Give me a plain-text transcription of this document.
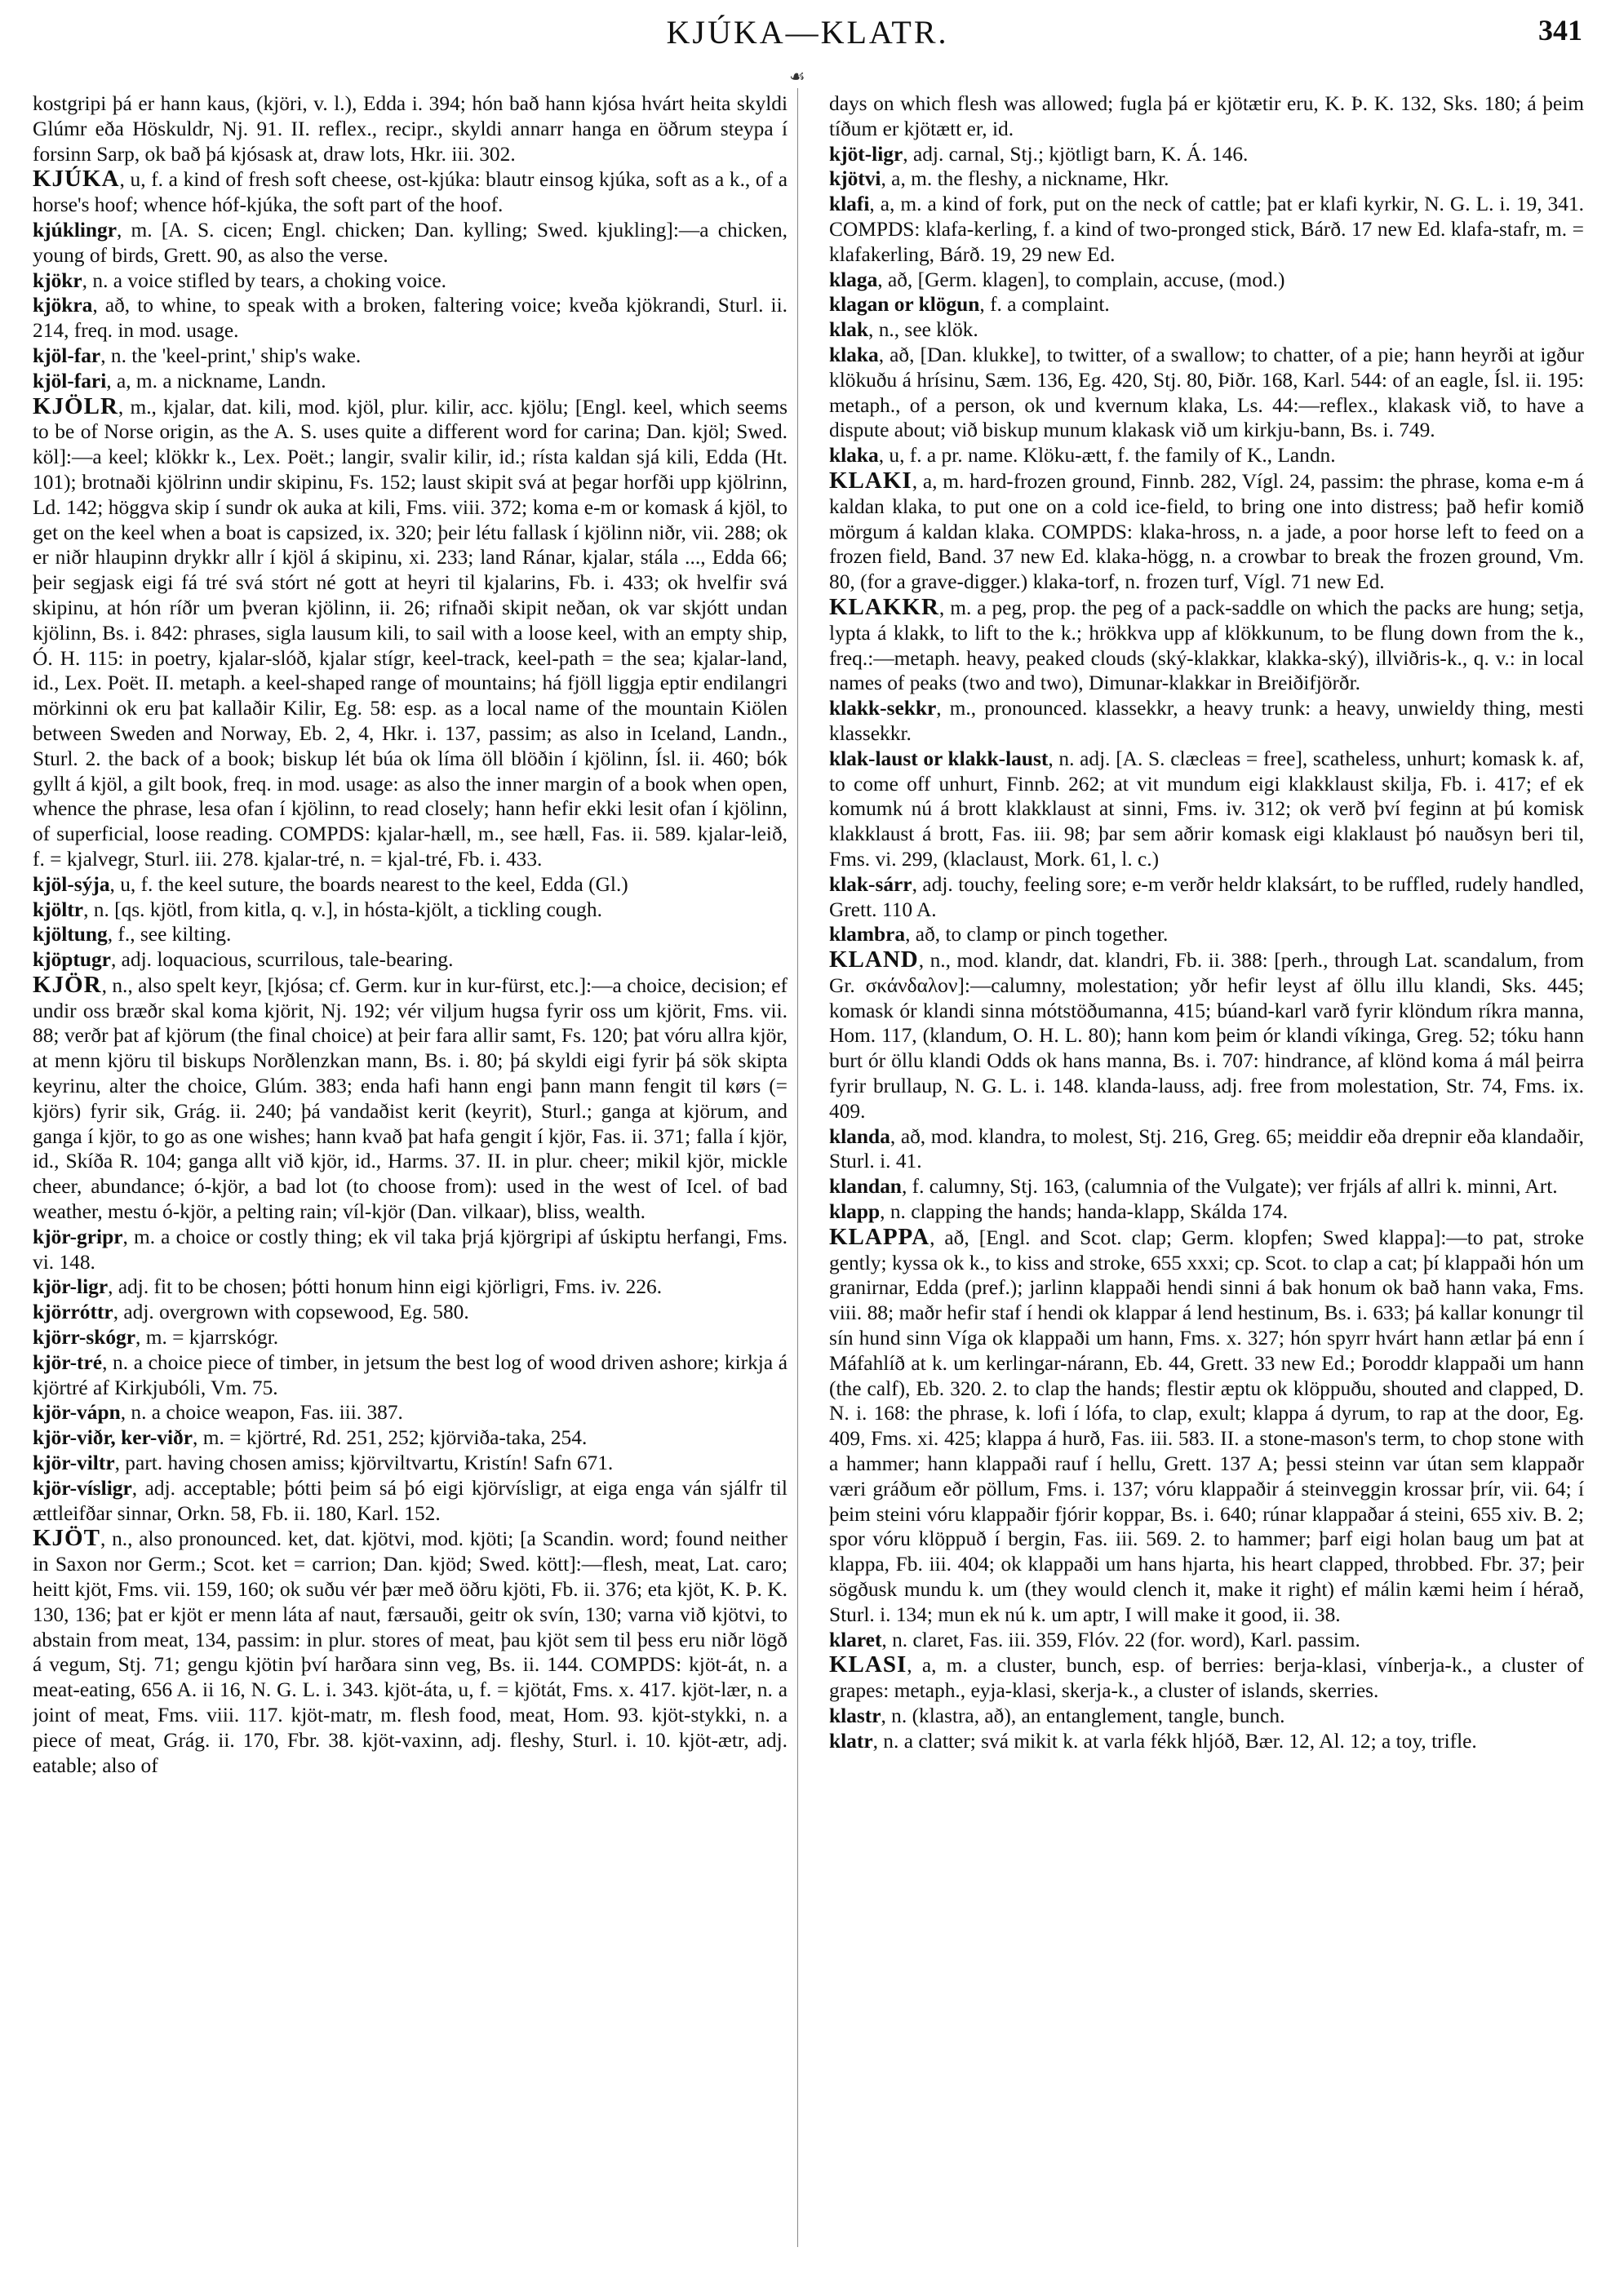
KJÚKA—KLATR.	341
☙

kostgripi þá er hann kaus, (kjöri, v. l.), Edda i. 394; hón bað hann kjósa hvárt heita skyldi Glúmr eða Höskuldr, Nj. 91. II. reflex., recipr., skyldi annarr hanga en öðrum steypa í forsinn Sarp, ok bað þá kjósask at, draw lots, Hkr. iii. 302.

KJÚKA, u, f. a kind of fresh soft cheese, ost-kjúka: blautr einsog kjúka, soft as a k., of a horse's hoof; whence hóf-kjúka, the soft part of the hoof.

kjúklingr, m. [A. S. cicen; Engl. chicken; Dan. kylling; Swed. kjukling]:—a chicken, young of birds, Grett. 90, as also the verse.

kjökr, n. a voice stifled by tears, a choking voice.

kjökra, að, to whine, to speak with a broken, faltering voice; kveða kjökrandi, Sturl. ii. 214, freq. in mod. usage.

kjöl-far, n. the 'keel-print,' ship's wake.

kjöl-fari, a, m. a nickname, Landn.

KJÖLR, m., kjalar, dat. kili, mod. kjöl, plur. kilir, acc. kjölu; [Engl. keel, which seems to be of Norse origin, as the A. S. uses quite a different word for carina; Dan. kjöl; Swed. köl]:—a keel; klökkr k., Lex. Poët.; langir, svalir kilir, id.; rísta kaldan sjá kili, Edda (Ht. 101); brotnaði kjölrinn undir skipinu, Fs. 152; laust skipit svá at þegar horfði upp kjölrinn, Ld. 142; höggva skip í sundr ok auka at kili, Fms. viii. 372; koma e-m or komask á kjöl, to get on the keel when a boat is capsized, ix. 320; þeir létu fallask í kjölinn niðr, vii. 288; ok er niðr hlaupinn drykkr allr í kjöl á skipinu, xi. 233; land Ránar, kjalar, stála ..., Edda 66; þeir segjask eigi fá tré svá stórt né gott at heyri til kjalarins, Fb. i. 433; ok hvelfir svá skipinu, at hón ríðr um þveran kjölinn, ii. 26; rifnaði skipit neðan, ok var skjótt undan kjölinn, Bs. i. 842: phrases, sigla lausum kili, to sail with a loose keel, with an empty ship, Ó. H. 115: in poetry, kjalar-slóð, kjalar stígr, keel-track, keel-path = the sea; kjalar-land, id., Lex. Poët. II. metaph. a keel-shaped range of mountains; há fjöll liggja eptir endilangri mörkinni ok eru þat kallaðir Kilir, Eg. 58: esp. as a local name of the mountain Kiölen between Sweden and Norway, Eb. 2, 4, Hkr. i. 137, passim; as also in Iceland, Landn., Sturl. 2. the back of a book; biskup lét búa ok líma öll blöðin í kjölinn, Ísl. ii. 460; bók gyllt á kjöl, a gilt book, freq. in mod. usage: as also the inner margin of a book when open, whence the phrase, lesa ofan í kjölinn, to read closely; hann hefir ekki lesit ofan í kjölinn, of superficial, loose reading. COMPDS: kjalar-hæll, m., see hæll, Fas. ii. 589. kjalar-leið, f. = kjalvegr, Sturl. iii. 278. kjalar-tré, n. = kjal-tré, Fb. i. 433.

kjöl-sýja, u, f. the keel suture, the boards nearest to the keel, Edda (Gl.)

kjöltr, n. [qs. kjötl, from kitla, q. v.], in hósta-kjölt, a tickling cough.

kjöltung, f., see kilting.

kjöptugr, adj. loquacious, scurrilous, tale-bearing.

KJÖR, n., also spelt keyr, [kjósa; cf. Germ. kur in kur-fürst, etc.]:—a choice, decision; ef undir oss bræðr skal koma kjörit, Nj. 192; vér viljum hugsa fyrir oss um kjörit, Fms. vii. 88; verðr þat af kjörum (the final choice) at þeir fara allir samt, Fs. 120; þat vóru allra kjör, at menn kjöru til biskups Norðlenzkan mann, Bs. i. 80; þá skyldi eigi fyrir þá sök skipta keyrinu, alter the choice, Glúm. 383; enda hafi hann engi þann mann fengit til kørs (= kjörs) fyrir sik, Grág. ii. 240; þá vandaðist kerit (keyrit), Sturl.; ganga at kjörum, and ganga í kjör, to go as one wishes; hann kvað þat hafa gengit í kjör, Fas. ii. 371; falla í kjör, id., Skíða R. 104; ganga allt við kjör, id., Harms. 37. II. in plur. cheer; mikil kjör, mickle cheer, abundance; ó-kjör, a bad lot (to choose from): used in the west of Icel. of bad weather, mestu ó-kjör, a pelting rain; víl-kjör (Dan. vilkaar), bliss, wealth.

kjör-gripr, m. a choice or costly thing; ek vil taka þrjá kjörgripi af úskiptu herfangi, Fms. vi. 148.

kjör-ligr, adj. fit to be chosen; þótti honum hinn eigi kjörligri, Fms. iv. 226.

kjörróttr, adj. overgrown with copsewood, Eg. 580.

kjörr-skógr, m. = kjarrskógr.

kjör-tré, n. a choice piece of timber, in jetsum the best log of wood driven ashore; kirkja á kjörtré af Kirkjubóli, Vm. 75.

kjör-vápn, n. a choice weapon, Fas. iii. 387.

kjör-viðr, ker-viðr, m. = kjörtré, Rd. 251, 252; kjörviða-taka, 254.

kjör-viltr, part. having chosen amiss; kjörviltvartu, Kristín! Safn 671.

kjör-vísligr, adj. acceptable; þótti þeim sá þó eigi kjörvísligr, at eiga enga ván sjálfr til ættleifðar sinnar, Orkn. 58, Fb. ii. 180, Karl. 152.

KJÖT, n., also pronounced. ket, dat. kjötvi, mod. kjöti; [a Scandin. word; found neither in Saxon nor Germ.; Scot. ket = carrion; Dan. kjöd; Swed. kött]:—flesh, meat, Lat. caro; heitt kjöt, Fms. vii. 159, 160; ok suðu vér þær með öðru kjöti, Fb. ii. 376; eta kjöt, K. Þ. K. 130, 136; þat er kjöt er menn láta af naut, færsauði, geitr ok svín, 130; varna við kjötvi, to abstain from meat, 134, passim: in plur. stores of meat, þau kjöt sem til þess eru niðr lögð á vegum, Stj. 71; gengu kjötin því harðara sinn veg, Bs. ii. 144. COMPDS: kjöt-át, n. a meat-eating, 656 A. ii 16, N. G. L. i. 343. kjöt-áta, u, f. = kjötát, Fms. x. 417. kjöt-lær, n. a joint of meat, Fms. viii. 117. kjöt-matr, m. flesh food, meat, Hom. 93. kjöt-stykki, n. a piece of meat, Grág. ii. 170, Fbr. 38. kjöt-vaxinn, adj. fleshy, Sturl. i. 10. kjöt-ætr, adj. eatable; also of

days on which flesh was allowed; fugla þá er kjötætir eru, K. Þ. K. 132, Sks. 180; á þeim tíðum er kjötætt er, id.

kjöt-ligr, adj. carnal, Stj.; kjötligt barn, K. Á. 146.

kjötvi, a, m. the fleshy, a nickname, Hkr.

klafi, a, m. a kind of fork, put on the neck of cattle; þat er klafi kyrkir, N. G. L. i. 19, 341. COMPDS: klafa-kerling, f. a kind of two-pronged stick, Bárð. 17 new Ed. klafa-stafr, m. = klafakerling, Bárð. 19, 29 new Ed.

klaga, að, [Germ. klagen], to complain, accuse, (mod.)

klagan or klögun, f. a complaint.

klak, n., see klök.

klaka, að, [Dan. klukke], to twitter, of a swallow; to chatter, of a pie; hann heyrði at igður klökuðu á hrísinu, Sæm. 136, Eg. 420, Stj. 80, Þiðr. 168, Karl. 544: of an eagle, Ísl. ii. 195: metaph., of a person, ok und kvernum klaka, Ls. 44:—reflex., klakask við, to have a dispute about; við biskup munum klakask við um kirkju-bann, Bs. i. 749.

klaka, u, f. a pr. name. Klöku-ætt, f. the family of K., Landn.

KLAKI, a, m. hard-frozen ground, Finnb. 282, Vígl. 24, passim: the phrase, koma e-m á kaldan klaka, to put one on a cold ice-field, to bring one into distress; það hefir komið mörgum á kaldan klaka. COMPDS: klaka-hross, n. a jade, a poor horse left to feed on a frozen field, Band. 37 new Ed. klaka-högg, n. a crowbar to break the frozen ground, Vm. 80, (for a grave-digger.) klaka-torf, n. frozen turf, Vígl. 71 new Ed.

KLAKKR, m. a peg, prop. the peg of a pack-saddle on which the packs are hung; setja, lypta á klakk, to lift to the k.; hrökkva upp af klökkunum, to be flung down from the k., freq.:—metaph. heavy, peaked clouds (ský-klakkar, klakka-ský), illviðris-k., q. v.: in local names of peaks (two and two), Dimunar-klakkar in Breiðifjörðr.

klakk-sekkr, m., pronounced. klassekkr, a heavy trunk: a heavy, unwieldy thing, mesti klassekkr.

klak-laust or klakk-laust, n. adj. [A. S. clæcleas = free], scatheless, unhurt; komask k. af, to come off unhurt, Finnb. 262; at vit mundum eigi klakklaust skilja, Fb. i. 417; ef ek komumk nú á brott klakklaust at sinni, Fms. iv. 312; ok verð því feginn at þú komisk klakklaust á brott, Fas. iii. 98; þar sem aðrir komask eigi klaklaust þó nauðsyn beri til, Fms. vi. 299, (klaclaust, Mork. 61, l. c.)

klak-sárr, adj. touchy, feeling sore; e-m verðr heldr klaksárt, to be ruffled, rudely handled, Grett. 110 A.

klambra, að, to clamp or pinch together.

KLAND, n., mod. klandr, dat. klandri, Fb. ii. 388: [perh., through Lat. scandalum, from Gr. σκάνδαλον]:—calumny, molestation; yðr hefir leyst af öllu illu klandi, Sks. 445; komask ór klandi sinna mótstöðumanna, 415; búand-karl varð fyrir klöndum ríkra manna, Hom. 117, (klandum, O. H. L. 80); hann kom þeim ór klandi víkinga, Greg. 52; tóku hann burt ór öllu klandi Odds ok hans manna, Bs. i. 707: hindrance, af klönd koma á mál þeirra fyrir brullaup, N. G. L. i. 148. klanda-lauss, adj. free from molestation, Str. 74, Fms. ix. 409.

klanda, að, mod. klandra, to molest, Stj. 216, Greg. 65; meiddir eða drepnir eða klandaðir, Sturl. i. 41.

klandan, f. calumny, Stj. 163, (calumnia of the Vulgate); ver frjáls af allri k. minni, Art.

klapp, n. clapping the hands; handa-klapp, Skálda 174.

KLAPPA, að, [Engl. and Scot. clap; Germ. klopfen; Swed klappa]:—to pat, stroke gently; kyssa ok k., to kiss and stroke, 655 xxxi; cp. Scot. to clap a cat; þí klappaði hón um granirnar, Edda (pref.); jarlinn klappaði hendi sinni á bak honum ok bað hann vaka, Fms. viii. 88; maðr hefir staf í hendi ok klappar á lend hestinum, Bs. i. 633; þá kallar konungr til sín hund sinn Víga ok klappaði um hann, Fms. x. 327; hón spyrr hvárt hann ætlar þá enn í Máfahlíð at k. um kerlingar-nárann, Eb. 44, Grett. 33 new Ed.; Þoroddr klappaði um hann (the calf), Eb. 320. 2. to clap the hands; flestir æptu ok klöppuðu, shouted and clapped, D. N. i. 168: the phrase, k. lofi í lófa, to clap, exult; klappa á dyrum, to rap at the door, Eg. 409, Fms. xi. 425; klappa á hurð, Fas. iii. 583. II. a stone-mason's term, to chop stone with a hammer; hann klappaði rauf í hellu, Grett. 137 A; þessi steinn var útan sem klappaðr væri gráðum eðr pöllum, Fms. i. 137; vóru klappaðir á steinveggin krossar þrír, vii. 64; í þeim steini vóru klappaðir fjórir koppar, Bs. i. 640; rúnar klappaðar á steini, 655 xiv. B. 2; spor vóru klöppuð í bergin, Fas. iii. 569. 2. to hammer; þarf eigi holan baug um þat at klappa, Fb. iii. 404; ok klappaði um hans hjarta, his heart clapped, throbbed. Fbr. 37; þeir sögðusk mundu k. um (they would clench it, make it right) ef málin kæmi heim í hérað, Sturl. i. 134; mun ek nú k. um aptr, I will make it good, ii. 38.

klaret, n. claret, Fas. iii. 359, Flóv. 22 (for. word), Karl. passim.

KLASI, a, m. a cluster, bunch, esp. of berries: berja-klasi, vínberja-k., a cluster of grapes: metaph., eyja-klasi, skerja-k., a cluster of islands, skerries.

klastr, n. (klastra, að), an entanglement, tangle, bunch.

klatr, n. a clatter; svá mikit k. at varla fékk hljóð, Bær. 12, Al. 12; a toy, trifle.
